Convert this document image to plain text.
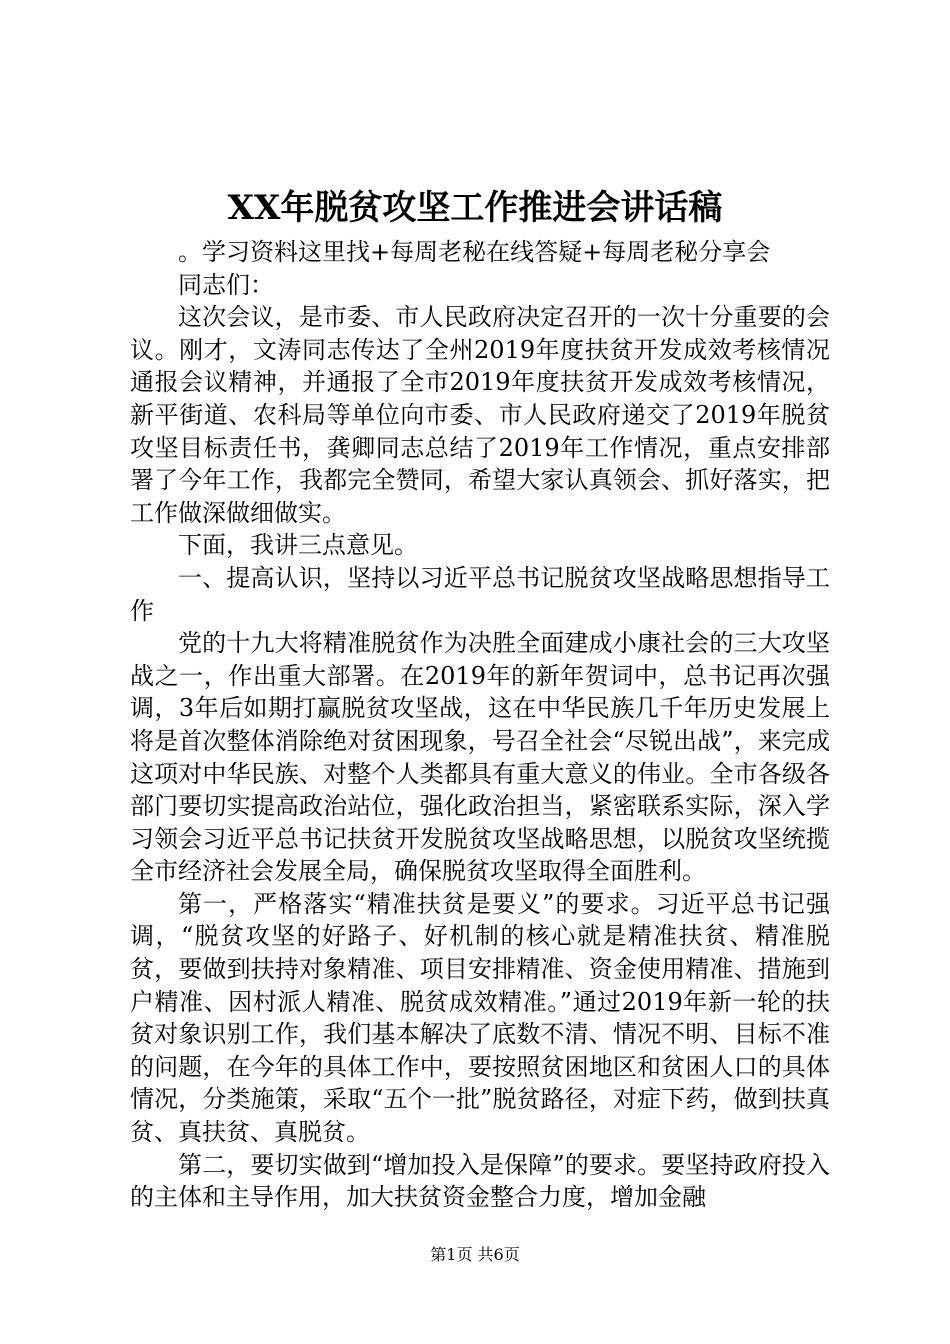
XX年脱贫攻坚工作推进会讲话稿

。学习资料这里找+每周老秘在线答疑+每周老秘分享会

同志们：

这次会议，是市委、市人民政府决定召开的一次十分重要的会议。刚才，文涛同志传达了全州2019年度扶贫开发成效考核情况通报会议精神，并通报了全市2019年度扶贫开发成效考核情况，新平街道、农科局等单位向市委、市人民政府递交了2019年脱贫攻坚目标责任书，龚卿同志总结了2019年工作情况，重点安排部署了今年工作，我都完全赞同，希望大家认真领会、抓好落实，把工作做深做细做实。

下面，我讲三点意见。

一、提高认识，坚持以习近平总书记脱贫攻坚战略思想指导工作

党的十九大将精准脱贫作为决胜全面建成小康社会的三大攻坚战之一，作出重大部署。在2019年的新年贺词中，总书记再次强调，3年后如期打赢脱贫攻坚战，这在中华民族几千年历史发展上将是首次整体消除绝对贫困现象，号召全社会“尽锐出战”，来完成这项对中华民族、对整个人类都具有重大意义的伟业。全市各级各部门要切实提高政治站位，强化政治担当，紧密联系实际，深入学习领会习近平总书记扶贫开发脱贫攻坚战略思想，以脱贫攻坚统揽全市经济社会发展全局，确保脱贫攻坚取得全面胜利。

第一，严格落实“精准扶贫是要义”的要求。习近平总书记强调，“脱贫攻坚的好路子、好机制的核心就是精准扶贫、精准脱贫，要做到扶持对象精准、项目安排精准、资金使用精准、措施到户精准、因村派人精准、脱贫成效精准。”通过2019年新一轮的扶贫对象识别工作，我们基本解决了底数不清、情况不明、目标不准的问题，在今年的具体工作中，要按照贫困地区和贫困人口的具体情况，分类施策，采取“五个一批”脱贫路径，对症下药，做到扶真贫、真扶贫、真脱贫。

第二，要切实做到“增加投入是保障”的要求。要坚持政府投入的主体和主导作用，加大扶贫资金整合力度，增加金融

第1页 共6页
